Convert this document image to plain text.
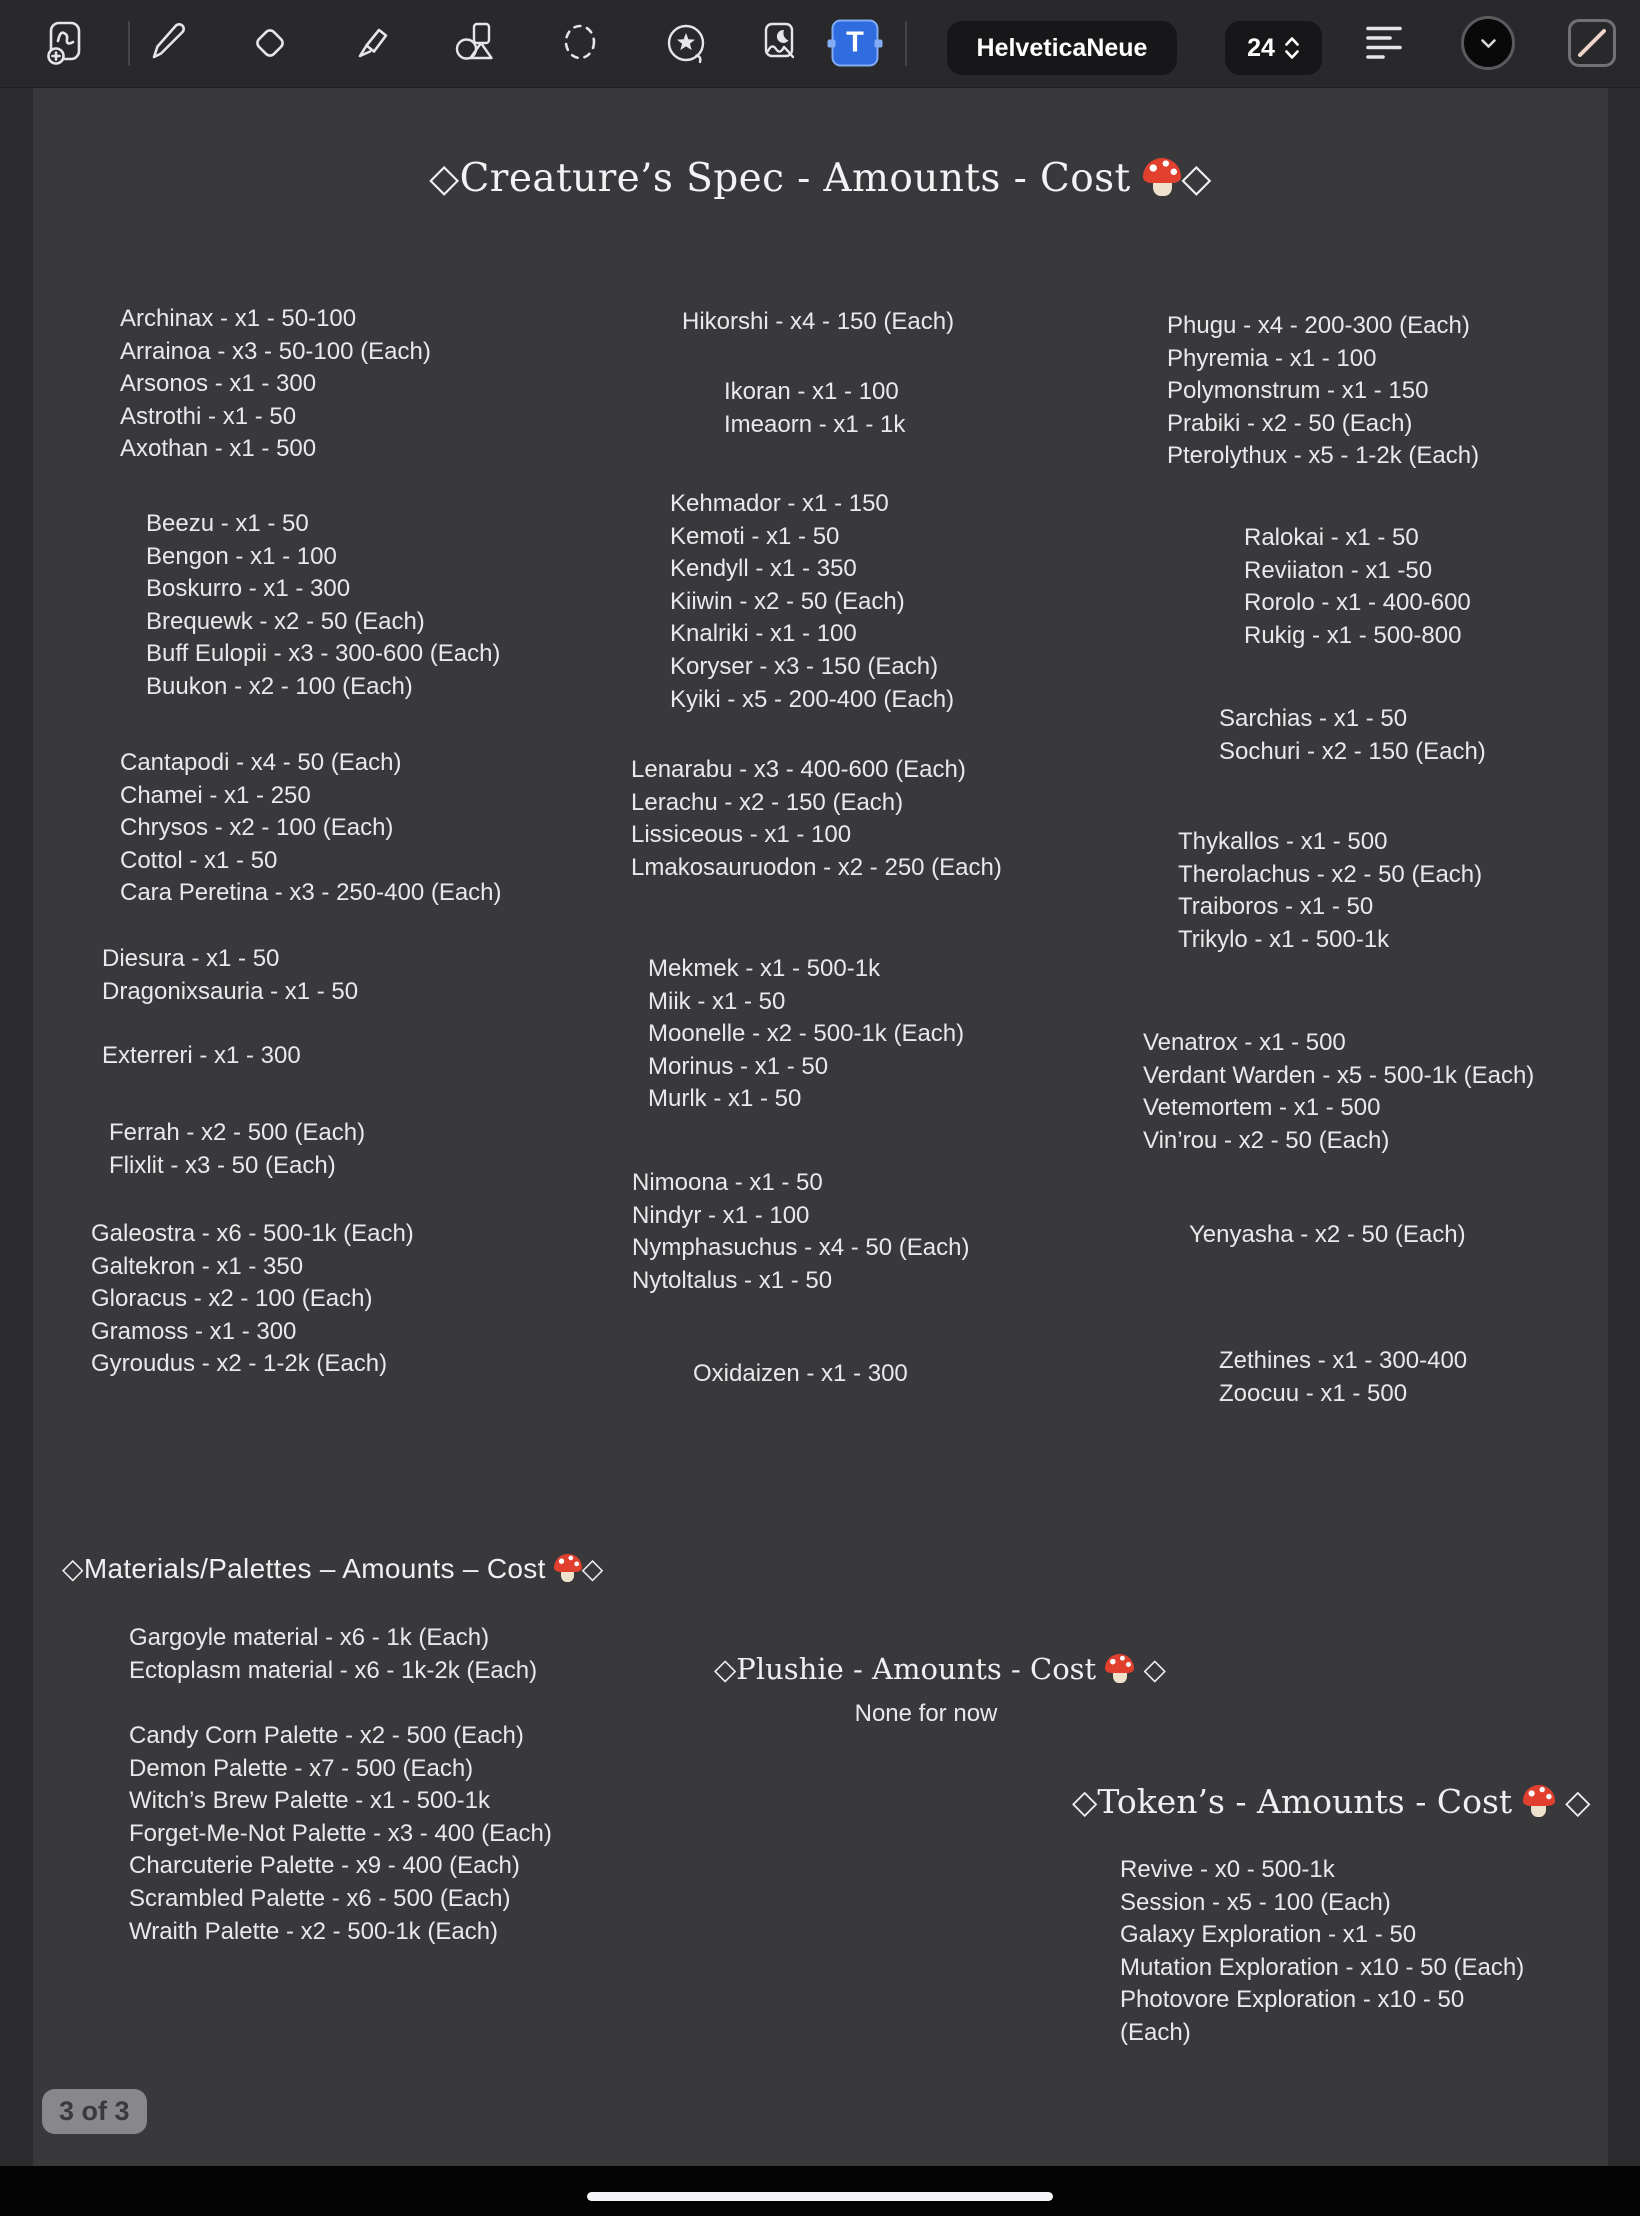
T	HelveticaNeue	24
◇Creature’s Spec - Amounts - Cost
◇
Archinax - x1 - 50-100
Arrainoa - x3 - 50-100 (Each)
Arsonos - x1 - 300
Astrothi - x1 - 50
Axothan - x1 - 500
Beezu - x1 - 50
Bengon - x1 - 100
Boskurro - x1 - 300
Brequewk - x2 - 50 (Each)
Buff Eulopii - x3 - 300-600 (Each)
Buukon - x2 - 100 (Each)
Cantapodi - x4 - 50 (Each)
Chamei - x1 - 250
Chrysos - x2 - 100 (Each)
Cottol - x1 - 50
Cara Peretina - x3 - 250-400 (Each)
Diesura - x1 - 50
Dragonixsauria - x1 - 50
Exterreri - x1 - 300
Ferrah - x2 - 500 (Each)
Flixlit - x3 - 50 (Each)
Galeostra - x6 - 500-1k (Each)
Galtekron - x1 - 350
Gloracus - x2 - 100 (Each)
Gramoss - x1 - 300
Gyroudus - x2 - 1-2k (Each)
Hikorshi - x4 - 150 (Each)
Ikoran - x1 - 100
Imeaorn - x1 - 1k
Kehmador - x1 - 150
Kemoti - x1 - 50
Kendyll - x1 - 350
Kiiwin - x2 - 50 (Each)
Knalriki - x1 - 100
Koryser - x3 - 150 (Each)
Kyiki - x5 - 200-400 (Each)
Lenarabu - x3 - 400-600 (Each)
Lerachu - x2 - 150 (Each)
Lissiceous - x1 - 100
Lmakosauruodon - x2 - 250 (Each)
Mekmek - x1 - 500-1k
Miik - x1 - 50
Moonelle - x2 - 500-1k (Each)
Morinus - x1 - 50
Murlk - x1 - 50
Nimoona - x1 - 50
Nindyr - x1 - 100
Nymphasuchus - x4 - 50 (Each)
Nytoltalus - x1 - 50
Oxidaizen - x1 - 300
Phugu - x4 - 200-300 (Each)
Phyremia - x1 - 100
Polymonstrum - x1 - 150
Prabiki - x2 - 50 (Each)
Pterolythux - x5 - 1-2k (Each)
Ralokai - x1 - 50
Reviiaton - x1 -50
Rorolo - x1 - 400-600
Rukig - x1 - 500-800
Sarchias - x1 - 50
Sochuri - x2 - 150 (Each)
Thykallos - x1 - 500
Therolachus - x2 - 50 (Each)
Traiboros - x1 - 50
Trikylo - x1 - 500-1k
Venatrox - x1 - 500
Verdant Warden - x5 - 500-1k (Each)
Vetemortem - x1 - 500
Vin’rou - x2 - 50 (Each)
Yenyasha - x2 - 50 (Each)
Zethines - x1 - 300-400
Zoocuu - x1 - 500
◇Materials/Palettes – Amounts – Cost
◇
Gargoyle material - x6 - 1k (Each)
Ectoplasm material - x6 - 1k-2k (Each)
Candy Corn Palette - x2 - 500 (Each)
Demon Palette - x7 - 500 (Each)
Witch’s Brew Palette - x1 - 500-1k
Forget-Me-Not Palette - x3 - 400 (Each)
Charcuterie Palette - x9 - 400 (Each)
Scrambled Palette - x6 - 500 (Each)
Wraith Palette - x2 - 500-1k (Each)
◇Plushie - Amounts - Cost
◇
None for now
◇Token’s - Amounts - Cost
◇
Revive - x0 - 500-1k
Session - x5 - 100 (Each)
Galaxy Exploration - x1 - 50
Mutation Exploration - x10 - 50 (Each)
Photovore Exploration - x10 - 50
(Each)
3 of 3
